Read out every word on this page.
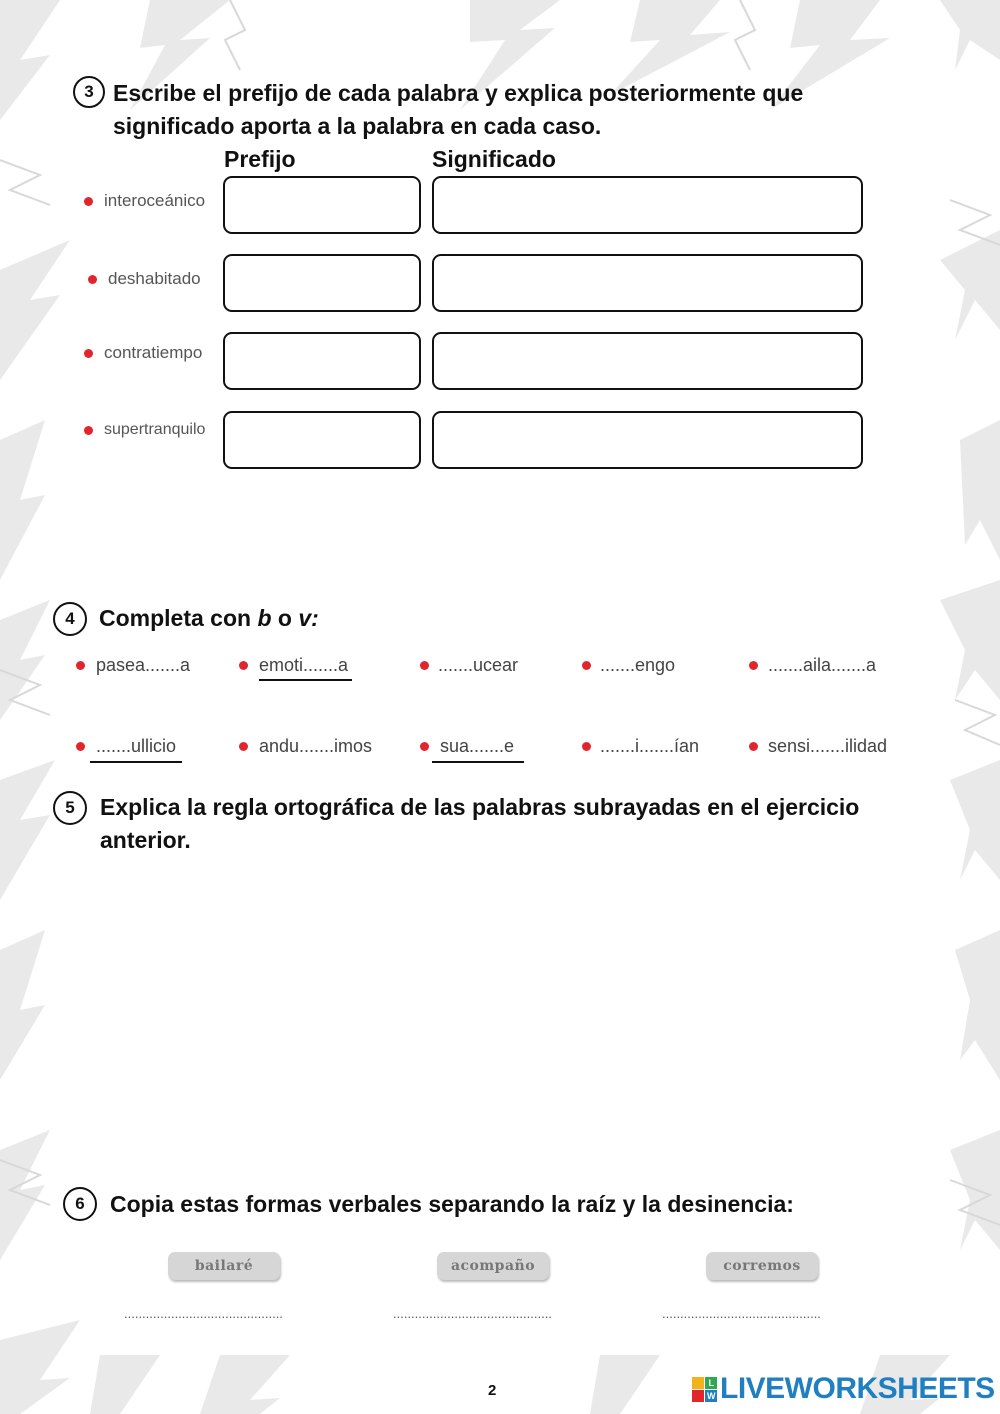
3 Escribe el prefijo de cada palabra y explica posteriormente que
significado aporta a la palabra en cada caso.
Prefijo	Significado
interoceánico
deshabitado
contratiempo
supertranquilo
4 Completa con b o v:
pasea.......a	emoti.......a	.......ucear	.......engo	.......aila.......a
.......ullicio	andu.......imos	sua.......e	.......i.......ían	sensi.......ilidad
5 Explica la regla ortográfica de las palabras subrayadas en el ejercicio
anterior.
6 Copia estas formas verbales separando la raíz y la desinencia:
bailaré	acompaño	corremos
............................................	............................................	............................................
2	L
W LIVEWORKSHEETS
